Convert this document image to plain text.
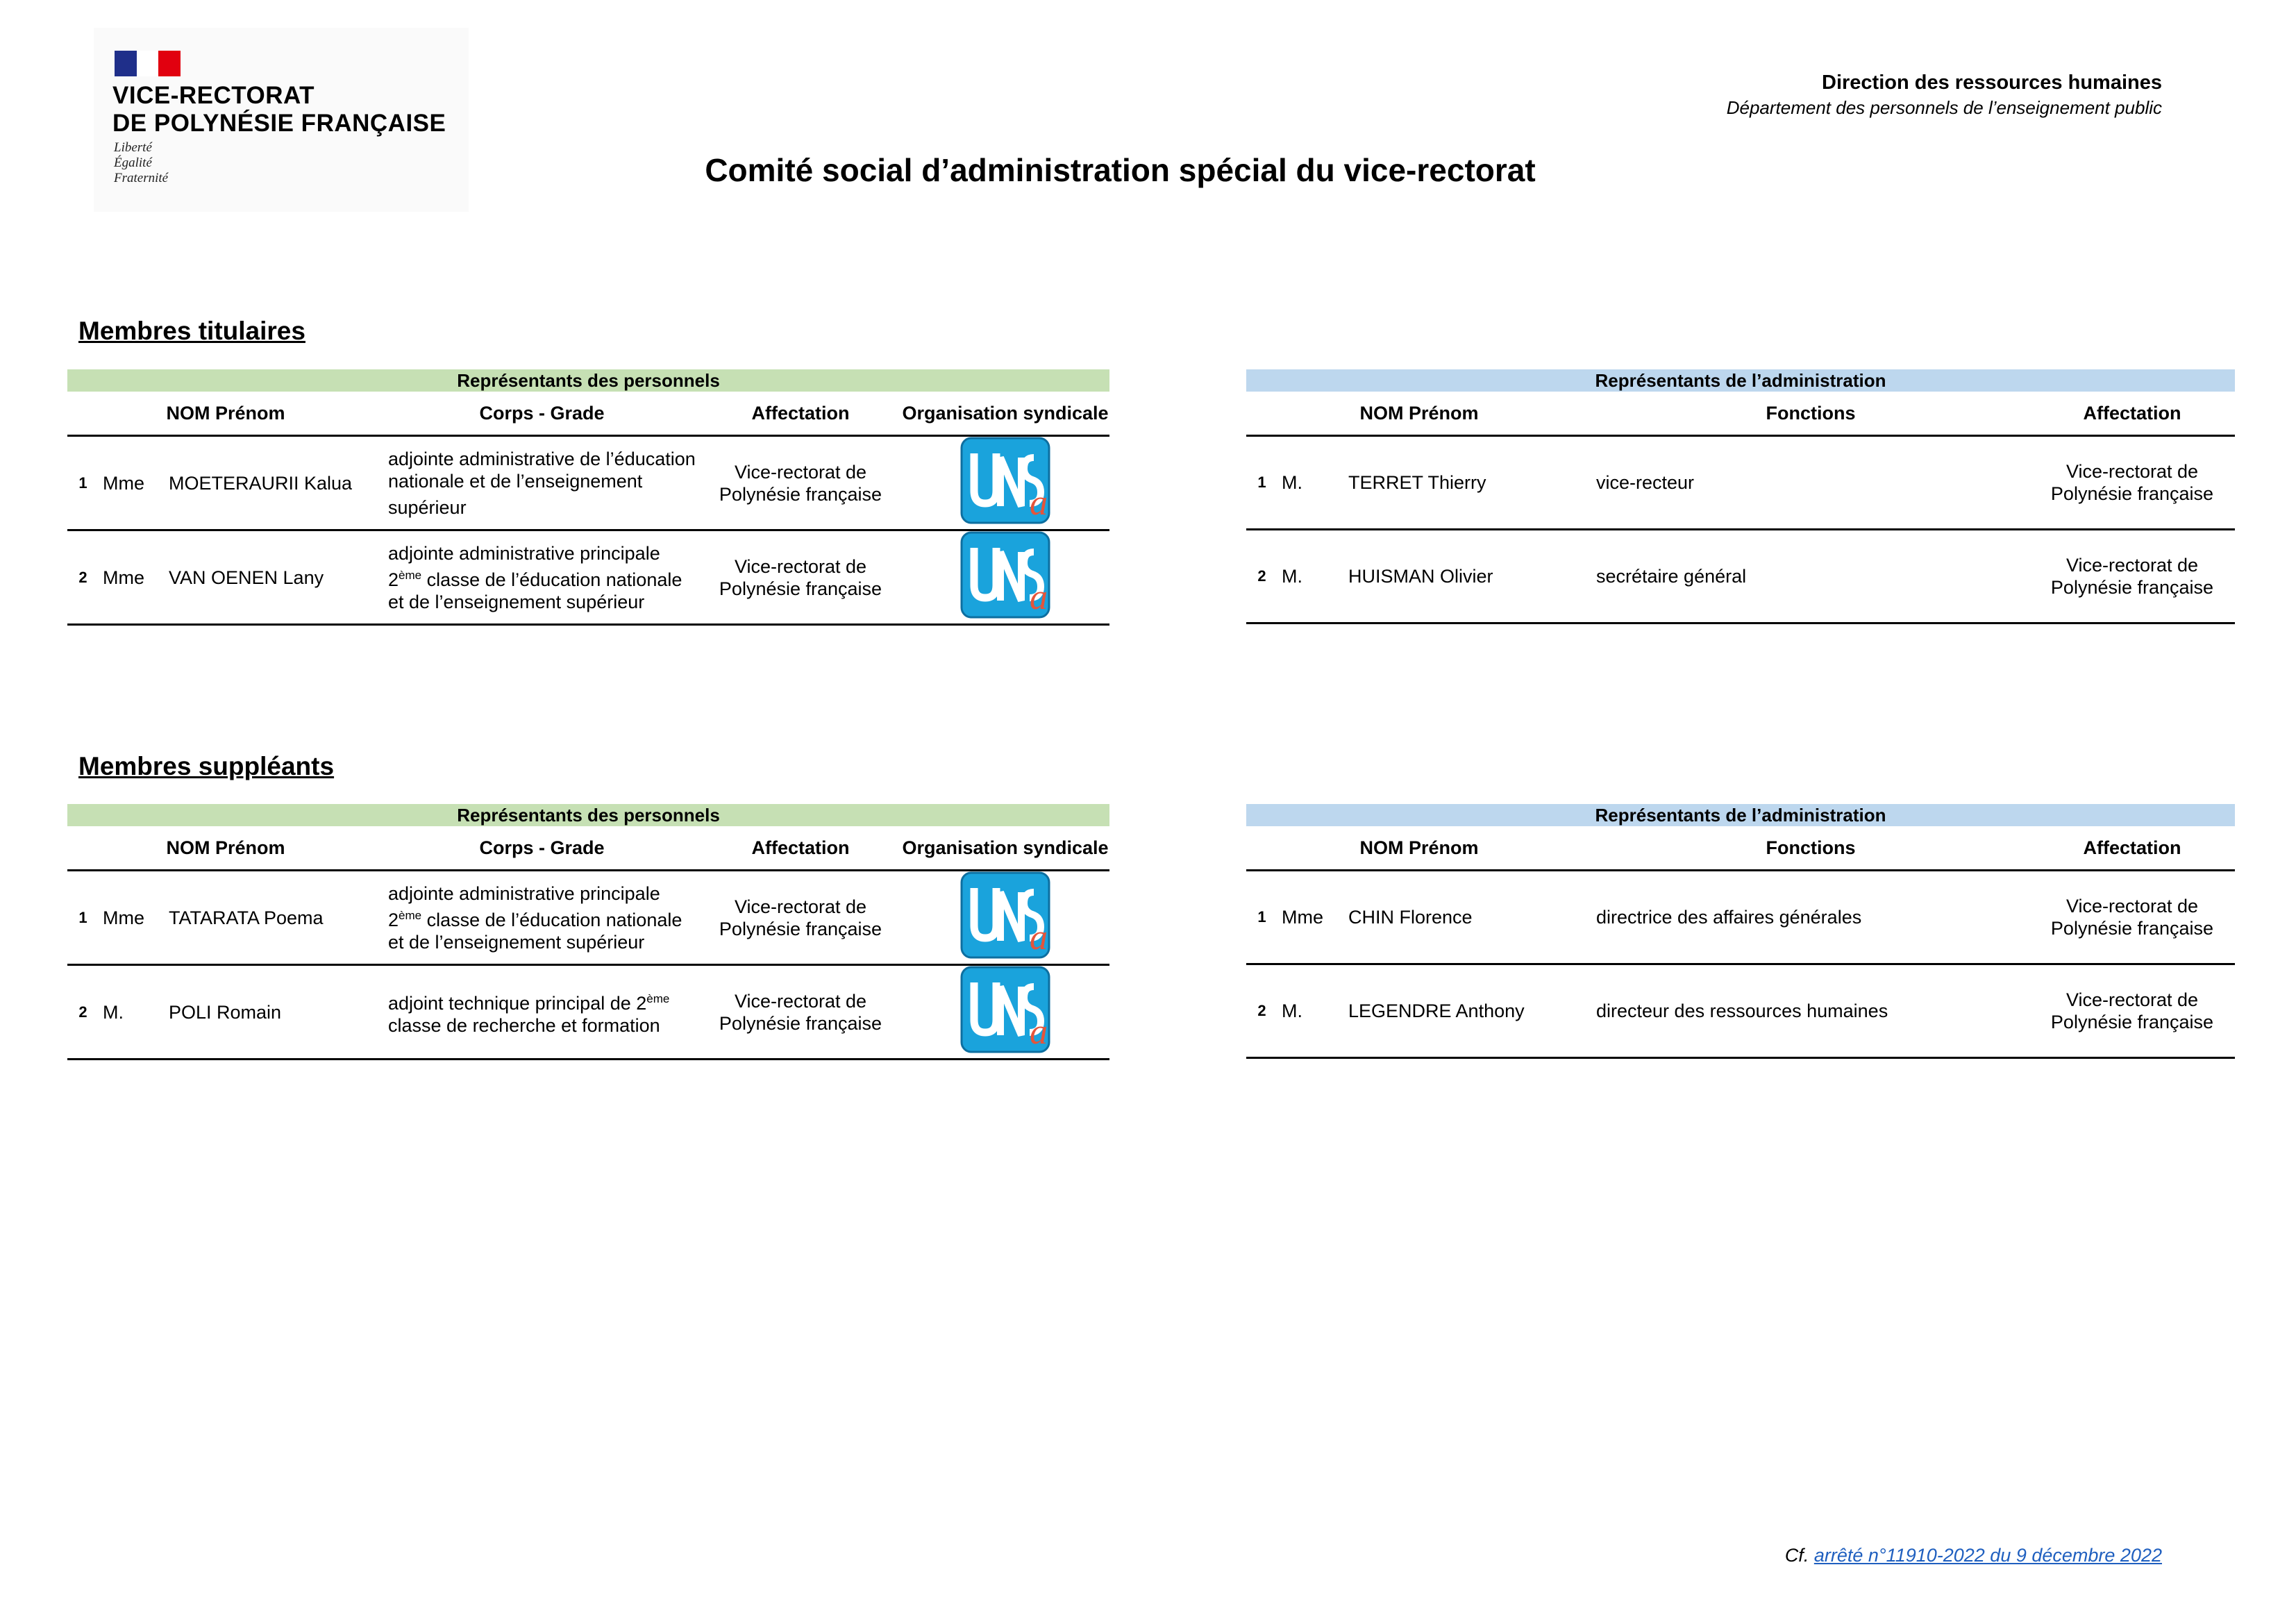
VICE-RECTORAT
DE POLYNÉSIE FRANÇAISE
Liberté
Égalité
Fraternité
Direction des ressources humaines
Département des personnels de l’enseignement public
Comité social d’administration spécial du vice-rectorat
Membres titulaires
Représentants des personnels					
NOM Prénom			Corps - Grade	Affectation	Organisation syndicale
1	Mme	MOETERAURII Kalua	adjointe administrative de l’éducation nationale et de l’enseignement supérieur	Vice-rectorat de Polynésie française	a

2	Mme	VAN OENEN Lany	adjointe administrative principale 2ème classe de l’éducation nationale et de l’enseignement supérieur	Vice-rectorat de Polynésie française	a
Représentants de l’administration				
NOM Prénom			Fonctions	Affectation
1	M.	TERRET Thierry	vice-recteur	Vice-rectorat de Polynésie française
2	M.	HUISMAN Olivier	secrétaire général	Vice-rectorat de Polynésie française
Membres suppléants
Représentants des personnels					
NOM Prénom			Corps - Grade	Affectation	Organisation syndicale
1	Mme	TATARATA Poema	adjointe administrative principale 2ème classe de l’éducation nationale et de l’enseignement supérieur	Vice-rectorat de Polynésie française	a

2	M.	POLI Romain	adjoint technique principal de 2ème classe de recherche et formation	Vice-rectorat de Polynésie française	a
Représentants de l’administration				
NOM Prénom			Fonctions	Affectation
1	Mme	CHIN Florence	directrice des affaires générales	Vice-rectorat de Polynésie française
2	M.	LEGENDRE Anthony	directeur des ressources humaines	Vice-rectorat de Polynésie française
Cf. arrêté n°11910-2022 du 9 décembre 2022
